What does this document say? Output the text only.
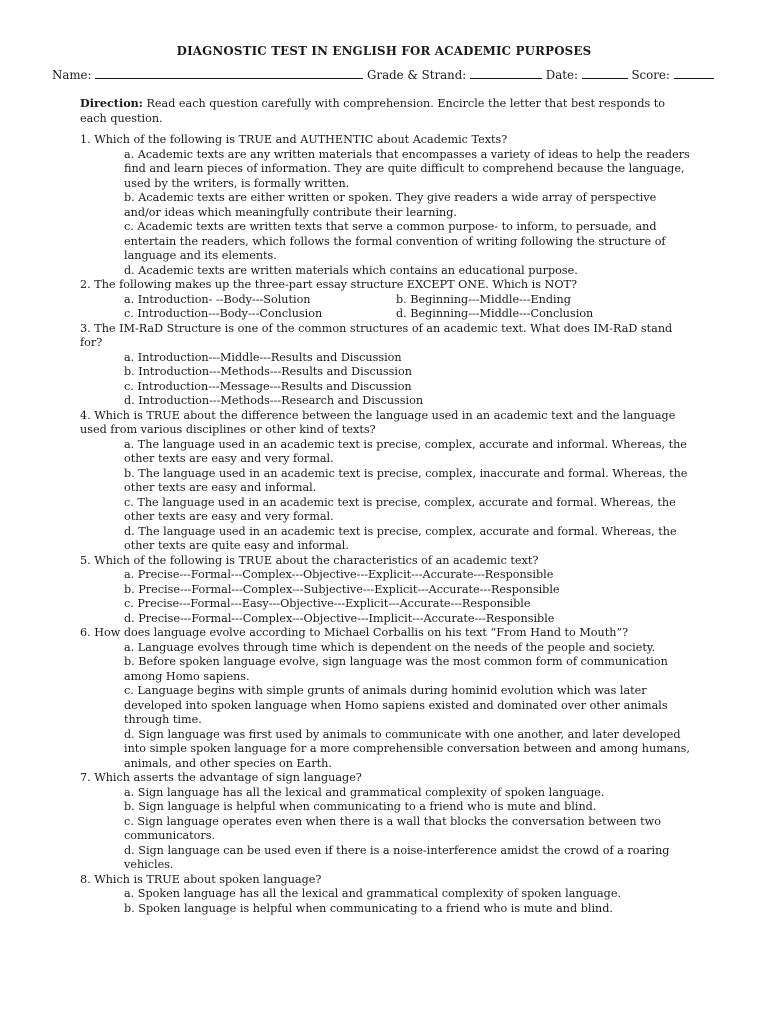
DIAGNOSTIC TEST IN ENGLISH FOR ACADEMIC PURPOSES
Name:	Grade & Strand:	Date:	Score:
Direction: Read each question carefully with comprehension. Encircle the letter that best responds to each question.
1. Which of the following is TRUE and AUTHENTIC about Academic Texts?
a. Academic texts are any written materials that encompasses a variety of ideas to help the readers find and learn pieces of information. They are quite difficult to comprehend because the language, used by the writers, is formally written.
b. Academic texts are either written or spoken. They give readers a wide array of perspective and/or ideas which meaningfully contribute their learning.
c. Academic texts are written texts that serve a common purpose- to inform, to persuade, and entertain the readers, which follows the formal convention of writing following the structure of language and its elements.
d. Academic texts are written materials which contains an educational purpose.
2. The following makes up the three-part essay structure EXCEPT ONE. Which is NOT?
a. Introduction- --Body---Solution	b. Beginning---Middle---Ending
c. Introduction---Body---Conclusion	d. Beginning---Middle---Conclusion
3. The IM-RaD Structure is one of the common structures of an academic text. What does IM-RaD stand for?
a. Introduction---Middle---Results and Discussion
b. Introduction---Methods---Results and Discussion
c. Introduction---Message---Results and Discussion
d. Introduction---Methods---Research and Discussion
4. Which is TRUE about the difference between the language used in an academic text and the language used from various disciplines or other kind of texts?
a. The language used in an academic text is precise, complex, accurate and informal. Whereas, the other texts are easy and very formal.
b. The language used in an academic text is precise, complex, inaccurate and formal. Whereas, the other texts are easy and informal.
c. The language used in an academic text is precise, complex, accurate and formal. Whereas, the other texts are easy and very formal.
d. The language used in an academic text is precise, complex, accurate and formal. Whereas, the other texts are quite easy and informal.
5. Which of the following is TRUE about the characteristics of an academic text?
a. Precise---Formal---Complex---Objective---Explicit---Accurate---Responsible
b. Precise---Formal---Complex---Subjective---Explicit---Accurate---Responsible
c. Precise---Formal---Easy---Objective---Explicit---Accurate---Responsible
d. Precise---Formal---Complex---Objective---Implicit---Accurate---Responsible
6. How does language evolve according to Michael Corballis on his text “From Hand to Mouth”?
a. Language evolves through time which is dependent on the needs of the people and society.
b. Before spoken language evolve, sign language was the most common form of communication among Homo sapiens.
c. Language begins with simple grunts of animals during hominid evolution which was later developed into spoken language when Homo sapiens existed and dominated over other animals through time.
d. Sign language was first used by animals to communicate with one another, and later developed into simple spoken language for a more comprehensible conversation between and among humans, animals, and other species on Earth.
7. Which asserts the advantage of sign language?
a. Sign language has all the lexical and grammatical complexity of spoken language.
b. Sign language is helpful when communicating to a friend who is mute and blind.
c. Sign language operates even when there is a wall that blocks the conversation between two communicators.
d. Sign language can be used even if there is a noise-interference amidst the crowd of a roaring vehicles.
8. Which is TRUE about spoken language?
a. Spoken language has all the lexical and grammatical complexity of spoken language.
b. Spoken language is helpful when communicating to a friend who is mute and blind.
